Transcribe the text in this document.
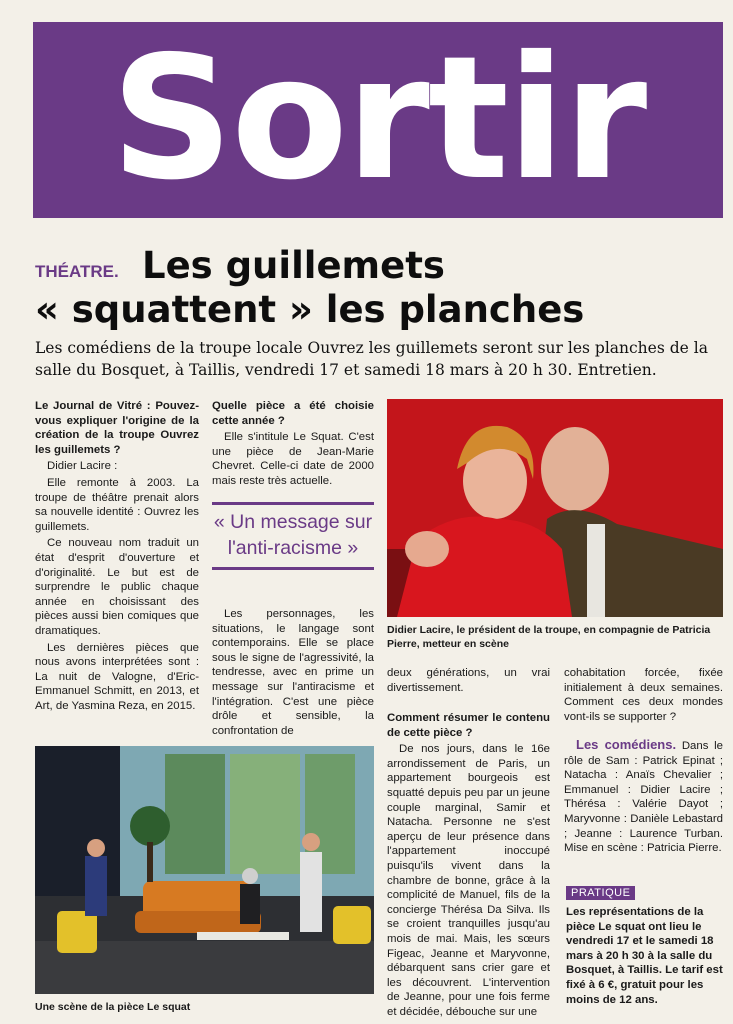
Sortir
THÉATRE. Les guillemets
« squattent » les planches
Les comédiens de la troupe locale Ouvrez les guillemets seront sur les planches de la salle du Bosquet, à Taillis, vendredi 17 et samedi 18 mars à 20 h 30. Entretien.

Le Journal de Vitré : Pouvez-vous expliquer l'origine de la création de la troupe Ouvrez les guillemets ?

Didier Lacire :

Elle remonte à 2003. La troupe de théâtre prenait alors sa nouvelle identité : Ouvrez les guillemets.

Ce nouveau nom traduit un état d'esprit d'ouverture et d'originalité. Le but est de surprendre le public chaque année en choisissant des pièces aussi bien comiques que dramatiques.

Les dernières pièces que nous avons interprétées sont : La nuit de Valogne, d'Eric-Emmanuel Schmitt, en 2013, et Art, de Yasmina Reza, en 2015.

Quelle pièce a été choisie cette année ?

Elle s'intitule Le Squat. C'est une pièce de Jean-Marie Chevret. Celle-ci date de 2000 mais reste très actuelle.

« Un message sur l'anti-racisme »

Les personnages, les situations, le langage sont contemporains. Elle se place sous le signe de l'agressivité, la tendresse, avec en prime un message sur l'antiracisme et l'intégration. C'est une pièce drôle et sensible, la confrontation de

Didier Lacire, le président de la troupe, en compagnie de Patricia Pierre, metteur en scène

deux générations, un vrai divertissement.

Comment résumer le contenu de cette pièce ?

De nos jours, dans le 16e arrondissement de Paris, un appartement bourgeois est squatté depuis peu par un jeune couple marginal, Samir et Natacha. Personne ne s'est aperçu de leur présence dans l'appartement inoccupé puisqu'ils vivent dans la chambre de bonne, grâce à la complicité de Manuel, fils de la concierge Thérésa Da Silva. Ils se croient tranquilles jusqu'au mois de mai. Mais, les sœurs Figeac, Jeanne et Maryvonne, débarquent sans crier gare et les découvrent. L'intervention de Jeanne, pour une fois ferme et décidée, débouche sur une

cohabitation forcée, fixée initialement à deux semaines. Comment ces deux mondes vont-ils se supporter ?

Les comédiens. Dans le rôle de Sam : Patrick Epinat ; Natacha : Anaïs Chevalier ; Emmanuel : Didier Lacire ; Thérésa : Valérie Dayot ; Maryvonne : Danièle Lebastard ; Jeanne : Laurence Turban. Mise en scène : Patricia Pierre.

PRATIQUE
Les représentations de la pièce Le squat ont lieu le vendredi 17 et le samedi 18 mars à 20 h 30 à la salle du Bosquet, à Taillis. Le tarif est fixé à 6 €, gratuit pour les moins de 12 ans.
Une scène de la pièce Le squat
